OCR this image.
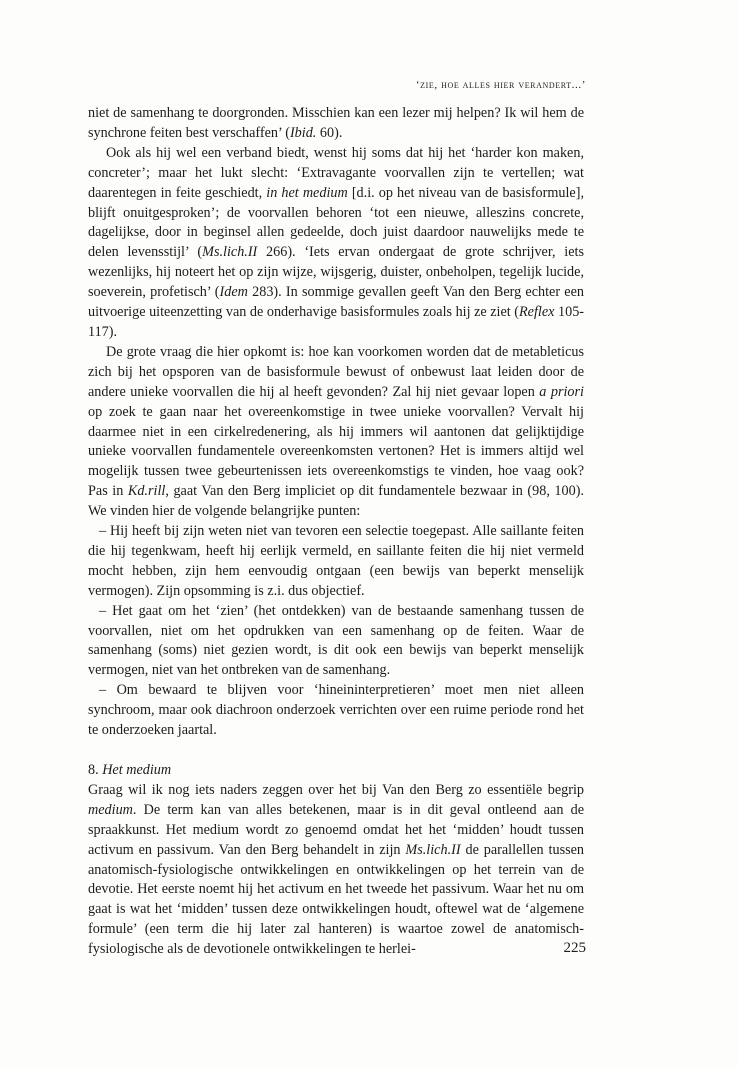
‘zie, hoe alles hier verandert...’

niet de samenhang te doorgronden. Misschien kan een lezer mij helpen? Ik wil hem de synchrone feiten best verschaffen’ (Ibid. 60).

Ook als hij wel een verband biedt, wenst hij soms dat hij het ‘harder kon maken, concreter’; maar het lukt slecht: ‘Extravagante voorvallen zijn te vertellen; wat daarentegen in feite geschiedt, in het medium [d.i. op het niveau van de basisformule], blijft onuitgesproken’; de voorvallen behoren ‘tot een nieuwe, alleszins concrete, dagelijkse, door in beginsel allen gedeelde, doch juist daardoor nauwelijks mede te delen levensstijl’ (Ms.lich.II 266). ‘Iets ervan ondergaat de grote schrijver, iets wezenlijks, hij noteert het op zijn wijze, wijsgerig, duister, onbeholpen, tegelijk lucide, soeverein, profetisch’ (Idem 283). In sommige gevallen geeft Van den Berg echter een uitvoerige uiteenzetting van de onderhavige basisformules zoals hij ze ziet (Reflex 105-117).

De grote vraag die hier opkomt is: hoe kan voorkomen worden dat de metableticus zich bij het opsporen van de basisformule bewust of onbewust laat leiden door de andere unieke voorvallen die hij al heeft gevonden? Zal hij niet gevaar lopen a priori op zoek te gaan naar het overeenkomstige in twee unieke voorvallen? Vervalt hij daarmee niet in een cirkelredenering, als hij immers wil aantonen dat gelijktijdige unieke voorvallen fundamentele overeenkomsten vertonen? Het is immers altijd wel mogelijk tussen twee gebeurtenissen iets overeenkomstigs te vinden, hoe vaag ook? Pas in Kd.rill, gaat Van den Berg impliciet op dit fundamentele bezwaar in (98, 100). We vinden hier de volgende belangrijke punten:

– Hij heeft bij zijn weten niet van tevoren een selectie toegepast. Alle saillante feiten die hij tegenkwam, heeft hij eerlijk vermeld, en saillante feiten die hij niet vermeld mocht hebben, zijn hem eenvoudig ontgaan (een bewijs van beperkt menselijk vermogen). Zijn opsomming is z.i. dus objectief.

– Het gaat om het ‘zien’ (het ontdekken) van de bestaande samenhang tussen de voorvallen, niet om het opdrukken van een samenhang op de feiten. Waar de samenhang (soms) niet gezien wordt, is dit ook een bewijs van beperkt menselijk vermogen, niet van het ontbreken van de samenhang.

– Om bewaard te blijven voor ‘hineininterpretieren’ moet men niet alleen synchroom, maar ook diachroon onderzoek verrichten over een ruime periode rond het te onderzoeken jaartal.

8. Het medium

Graag wil ik nog iets naders zeggen over het bij Van den Berg zo essentiële begrip medium. De term kan van alles betekenen, maar is in dit geval ontleend aan de spraakkunst. Het medium wordt zo genoemd omdat het het ‘midden’ houdt tussen activum en passivum. Van den Berg behandelt in zijn Ms.lich.II de parallellen tussen anatomisch-fysiologische ontwikkelingen en ontwikkelingen op het terrein van de devotie. Het eerste noemt hij het activum en het tweede het passivum. Waar het nu om gaat is wat het ‘midden’ tussen deze ontwikkelingen houdt, oftewel wat de ‘algemene formule’ (een term die hij later zal hanteren) is waartoe zowel de anatomisch-fysiologische als de devotionele ontwikkelingen te herlei-	225
